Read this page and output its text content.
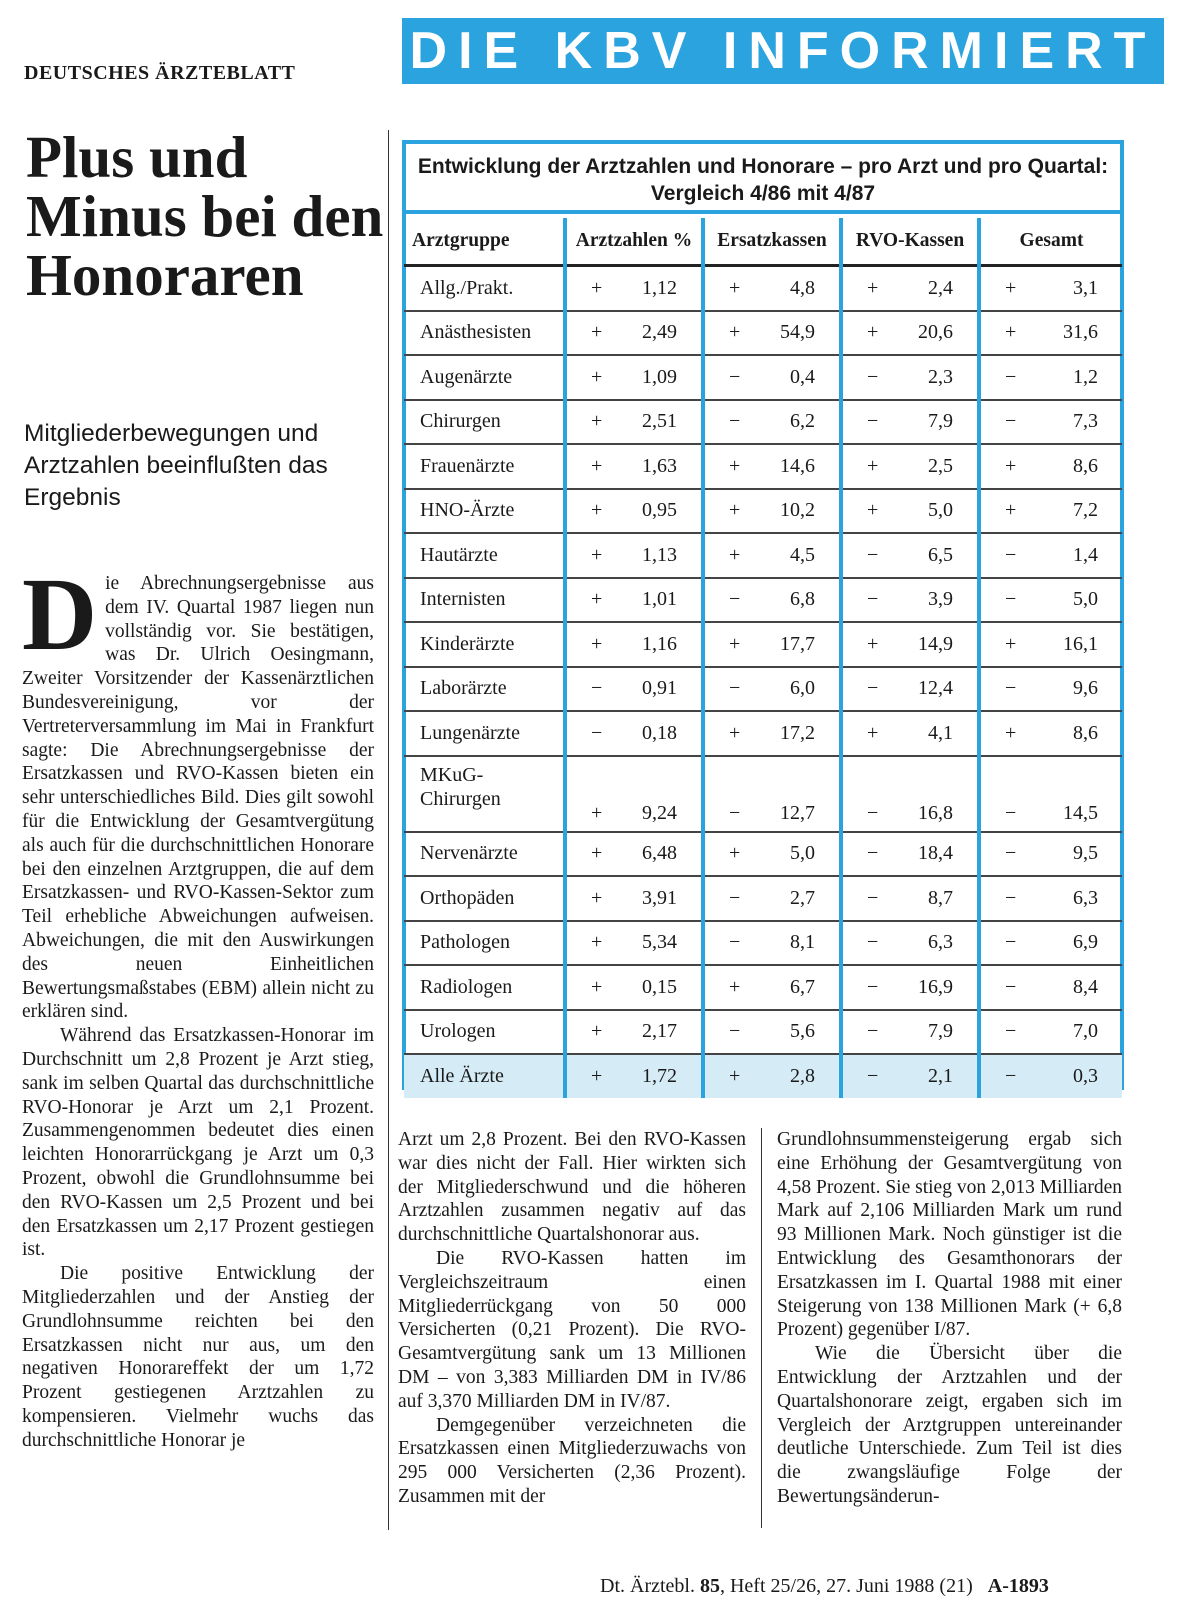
DEUTSCHES ÄRZTEBLATT DIE KBV INFORMIERT
Plus und Minus bei den Honoraren
Mitgliederbewegungen und Arztzahlen beeinflußten das Ergebnis

Die Abrechnungsergebnisse aus dem IV. Quartal 1987 liegen nun vollständig vor. Sie bestätigen, was Dr. Ulrich Oesingmann, Zweiter Vorsitzender der Kassenärztlichen Bundesvereinigung, vor der Vertreterversammlung im Mai in Frankfurt sagte: Die Abrechnungsergebnisse der Ersatzkassen und RVO-Kassen bieten ein sehr unterschiedliches Bild. Dies gilt sowohl für die Entwicklung der Gesamtvergütung als auch für die durchschnittlichen Honorare bei den einzelnen Arztgruppen, die auf dem Ersatzkassen- und RVO-Kassen-Sektor zum Teil erhebliche Abweichungen aufweisen. Abweichungen, die mit den Auswirkungen des neuen Einheitlichen Bewertungsmaßstabes (EBM) allein nicht zu erklären sind.

Während das Ersatzkassen-Honorar im Durchschnitt um 2,8 Prozent je Arzt stieg, sank im selben Quartal das durchschnittliche RVO-Honorar je Arzt um 2,1 Prozent. Zusammengenommen bedeutet dies einen leichten Honorarrückgang je Arzt um 0,3 Prozent, obwohl die Grundlohnsumme bei den RVO-Kassen um 2,5 Prozent und bei den Ersatzkassen um 2,17 Prozent gestiegen ist.

Die positive Entwicklung der Mitgliederzahlen und der Anstieg der Grundlohnsumme reichten bei den Ersatzkassen nicht nur aus, um den negativen Honorareffekt der um 1,72 Prozent gestiegenen Arztzahlen zu kompensieren. Vielmehr wuchs das durchschnittliche Honorar je

Arzt um 2,8 Prozent. Bei den RVO-Kassen war dies nicht der Fall. Hier wirkten sich der Mitgliederschwund und die höheren Arztzahlen zusammen negativ auf das durchschnittliche Quartalshonorar aus.

Die RVO-Kassen hatten im Vergleichszeitraum einen Mitgliederrückgang von 50 000 Versicherten (0,21 Prozent). Die RVO-Gesamtvergütung sank um 13 Millionen DM – von 3,383 Milliarden DM in IV/86 auf 3,370 Milliarden DM in IV/87.

Demgegenüber verzeichneten die Ersatzkassen einen Mitgliederzuwachs von 295 000 Versicherten (2,36 Prozent). Zusammen mit der

Grundlohnsummensteigerung ergab sich eine Erhöhung der Gesamtvergütung von 4,58 Prozent. Sie stieg von 2,013 Milliarden Mark auf 2,106 Milliarden Mark um rund 93 Millionen Mark. Noch günstiger ist die Entwicklung des Gesamthonorars der Ersatzkassen im I. Quartal 1988 mit einer Steigerung von 138 Millionen Mark (+ 6,8 Prozent) gegenüber I/87.

Wie die Übersicht über die Entwicklung der Arztzahlen und der Quartalshonorare zeigt, ergaben sich im Vergleich der Arztgruppen untereinander deutliche Unterschiede. Zum Teil ist dies die zwangsläufige Folge der Bewertungsänderun-

Entwicklung der Arztzahlen und Honorare – pro Arzt und pro Quartal: Vergleich 4/86 mit 4/87
Arztgruppe	Arztzahlen %	Ersatzkassen	RVO-Kassen	Gesamt
Allg./Prakt.	+ 1,12	+ 4,8	+ 2,4	+ 3,1
Anästhesisten	+ 2,49	+ 54,9	+ 20,6	+ 31,6
Augenärzte	+ 1,09	− 0,4	− 2,3	− 1,2
Chirurgen	+ 2,51	− 6,2	− 7,9	− 7,3
Frauenärzte	+ 1,63	+ 14,6	+ 2,5	+ 8,6
HNO-Ärzte	+ 0,95	+ 10,2	+ 5,0	+ 7,2
Hautärzte	+ 1,13	+ 4,5	− 6,5	− 1,4
Internisten	+ 1,01	− 6,8	− 3,9	− 5,0
Kinderärzte	+ 1,16	+ 17,7	+ 14,9	+ 16,1
Laborärzte	− 0,91	− 6,0	− 12,4	− 9,6
Lungenärzte	− 0,18	+ 17,2	+ 4,1	+ 8,6
MKuG-Chirurgen	+ 9,24	− 12,7	− 16,8	− 14,5
Nervenärzte	+ 6,48	+ 5,0	− 18,4	− 9,5
Orthopäden	+ 3,91	− 2,7	− 8,7	− 6,3
Pathologen	+ 5,34	− 8,1	− 6,3	− 6,9
Radiologen	+ 0,15	+ 6,7	− 16,9	− 8,4
Urologen	+ 2,17	− 5,6	− 7,9	− 7,0
Alle Ärzte	+ 1,72	+ 2,8	− 2,1	− 0,3
Dt. Ärztebl. 85, Heft 25/26, 27. Juni 1988 (21) A-1893
